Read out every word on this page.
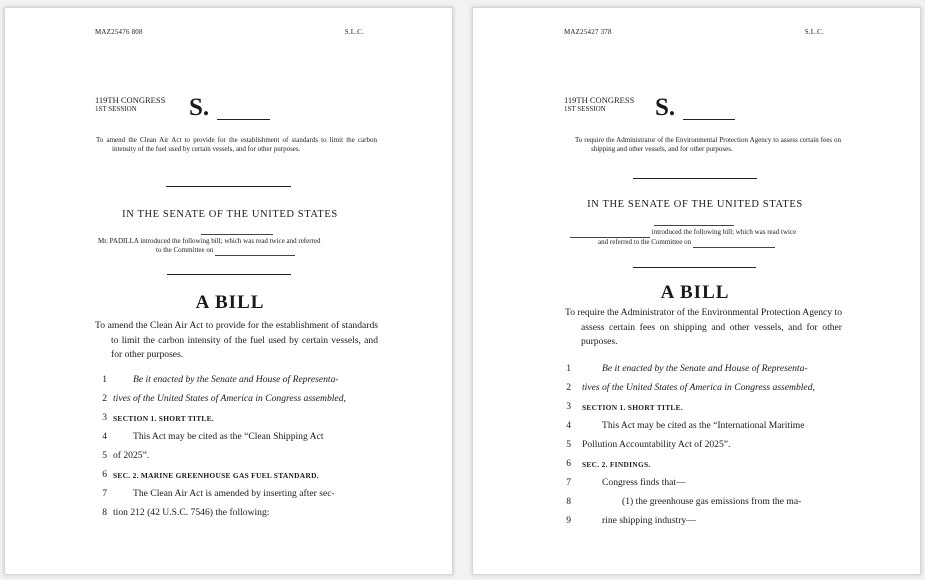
MAZ25476 808	S.L.C.
119TH CONGRESS
1ST SESSION	S.
To amend the Clean Air Act to provide for the establishment of standards to limit the carbon intensity of the fuel used by certain vessels, and for other purposes.
IN THE SENATE OF THE UNITED STATES
Mr. PADILLA introduced the following bill; which was read twice and referred
to the Committee on
A BILL
To amend the Clean Air Act to provide for the establishment of standards to limit the carbon intensity of the fuel used by certain vessels, and for other purposes.
1	Be it enacted by the Senate and House of Representa-
2 tives of the United States of America in Congress assembled,
3 SECTION 1. SHORT TITLE.
4	This Act may be cited as the “Clean Shipping Act
5 of 2025”.
6 SEC. 2. MARINE GREENHOUSE GAS FUEL STANDARD.
7	The Clean Air Act is amended by inserting after sec-
8 tion 212 (42 U.S.C. 7546) the following:
MAZ25427 378	S.L.C.
119TH CONGRESS
1ST SESSION	S.
To require the Administrator of the Environmental Protection Agency to assess certain fees on shipping and other vessels, and for other purposes.
IN THE SENATE OF THE UNITED STATES
introduced the following bill; which was read twice
and referred to the Committee on
A BILL
To require the Administrator of the Environmental Protection Agency to assess certain fees on shipping and other vessels, and for other purposes.
1	Be it enacted by the Senate and House of Representa-
2 tives of the United States of America in Congress assembled,
3 SECTION 1. SHORT TITLE.
4	This Act may be cited as the “International Maritime
5 Pollution Accountability Act of 2025”.
6 SEC. 2. FINDINGS.
7	Congress finds that—
8	(1) the greenhouse gas emissions from the ma-
9	rine shipping industry—
